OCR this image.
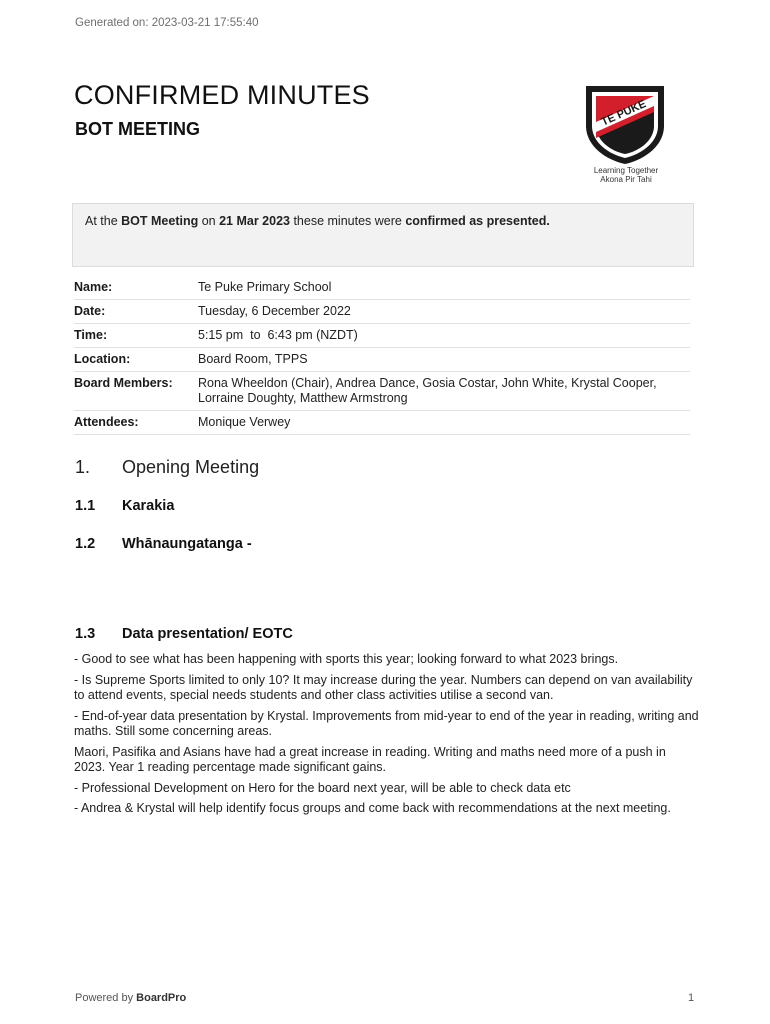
Generated on: 2023-03-21 17:55:40
CONFIRMED MINUTES
BOT MEETING
TE PUKE
Learning Together
Akona Pir Tahi
At the BOT Meeting on 21 Mar 2023 these minutes were confirmed as presented.
Name:	Te Puke Primary School
Date:	Tuesday, 6 December 2022
Time:	5:15 pm  to  6:43 pm (NZDT)
Location:	Board Room, TPPS
Board Members:	Rona Wheeldon (Chair), Andrea Dance, Gosia Costar, John White, Krystal Cooper, Lorraine Doughty, Matthew Armstrong
Attendees:	Monique Verwey
1. Opening Meeting
1.1 Karakia
1.2 Whānaungatanga -
1.3 Data presentation/ EOTC

- Good to see what has been happening with sports this year; looking forward to what 2023 brings.

- Is Supreme Sports limited to only 10? It may increase during the year. Numbers can depend on van availability to attend events, special needs students and other class activities utilise a second van.

- End-of-year data presentation by Krystal. Improvements from mid-year to end of the year in reading, writing and maths. Still some concerning areas.

Maori, Pasifika and Asians have had a great increase in reading. Writing and maths need more of a push in 2023. Year 1 reading percentage made significant gains.

- Professional Development on Hero for the board next year, will be able to check data etc

- Andrea & Krystal will help identify focus groups and come back with recommendations at the next meeting.

Powered by BoardPro	1
